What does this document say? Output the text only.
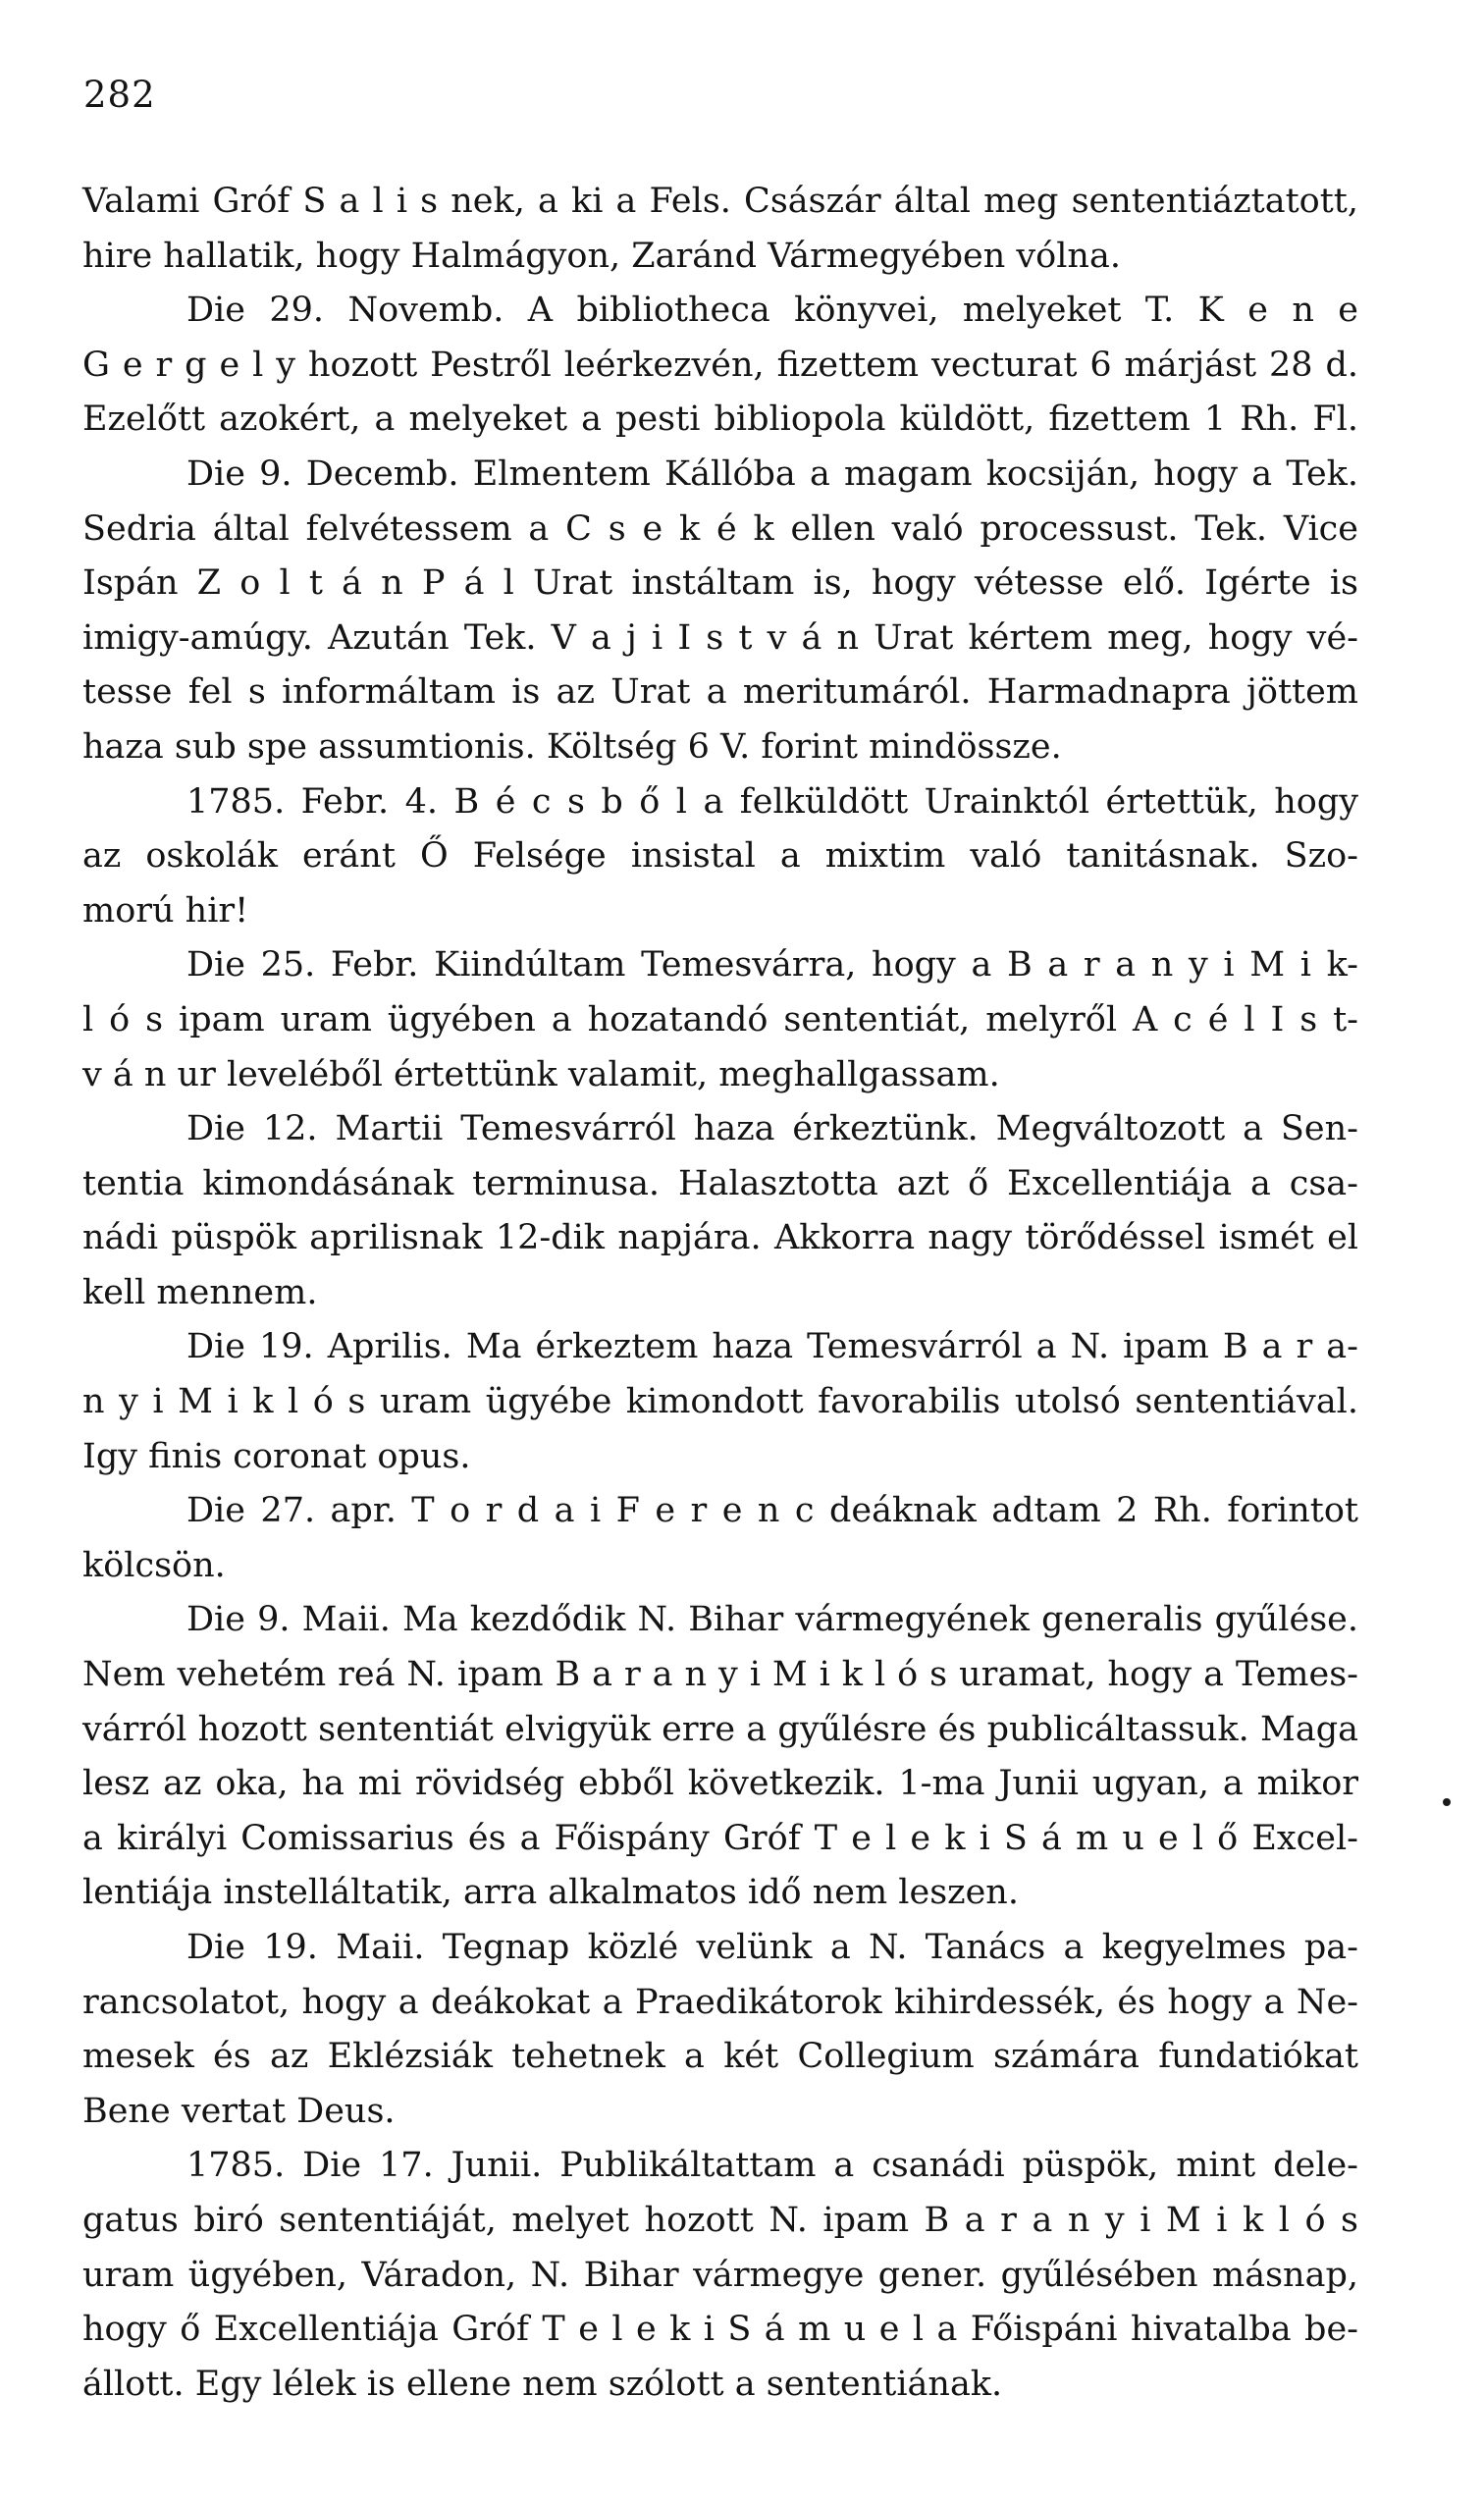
282
Valami Gróf S a l i s nek, a ki a Fels. Császár által meg sententiáztatott,
hire hallatik, hogy Halmágyon, Zaránd Vármegyében vólna.
Die 29. Novemb. A bibliotheca könyvei, melyeket T. K e n e
G e r g e l y hozott Pestről leérkezvén, fizettem vecturat 6 márjást 28 d.
Ezelőtt azokért, a melyeket a pesti bibliopola küldött, fizettem 1 Rh. Fl.
Die 9. Decemb. Elmentem Kállóba a magam kocsiján, hogy a Tek.
Sedria által felvétessem a C s e k é k ellen való processust. Tek. Vice
Ispán Z o l t á n P á l Urat instáltam is, hogy vétesse elő. Igérte is
imigy-amúgy. Azután Tek. V a j i I s t v á n Urat kértem meg, hogy vé-
tesse fel s informáltam is az Urat a meritumáról. Harmadnapra jöttem
haza sub spe assumtionis. Költség 6 V. forint mindössze.
1785. Febr. 4. B é c s b ő l a felküldött Urainktól értettük, hogy
az oskolák eránt Ő Felsége insistal a mixtim való tanitásnak. Szo-
morú hir!
Die 25. Febr. Kiindúltam Temesvárra, hogy a B a r a n y i M i k-
l ó s ipam uram ügyében a hozatandó sententiát, melyről A c é l I s t-
v á n ur leveléből értettünk valamit, meghallgassam.
Die 12. Martii Temesvárról haza érkeztünk. Megváltozott a Sen-
tentia kimondásának terminusa. Halasztotta azt ő Excellentiája a csa-
nádi püspök aprilisnak 12-dik napjára. Akkorra nagy törődéssel ismét el
kell mennem.
Die 19. Aprilis. Ma érkeztem haza Temesvárról a N. ipam B a r a-
n y i M i k l ó s uram ügyébe kimondott favorabilis utolsó sententiával.
Igy finis coronat opus.
Die 27. apr. T o r d a i F e r e n c deáknak adtam 2 Rh. forintot
kölcsön.
Die 9. Maii. Ma kezdődik N. Bihar vármegyének generalis gyűlése.
Nem vehetém reá N. ipam B a r a n y i M i k l ó s uramat, hogy a Temes-
várról hozott sententiát elvigyük erre a gyűlésre és publicáltassuk. Maga
lesz az oka, ha mi rövidség ebből következik. 1-ma Junii ugyan, a mikor
a királyi Comissarius és a Főispány Gróf T e l e k i S á m u e l ő Excel-
lentiája instelláltatik, arra alkalmatos idő nem leszen.
Die 19. Maii. Tegnap közlé velünk a N. Tanács a kegyelmes pa-
rancsolatot, hogy a deákokat a Praedikátorok kihirdessék, és hogy a Ne-
mesek és az Eklézsiák tehetnek a két Collegium számára fundatiókat
Bene vertat Deus.
1785. Die 17. Junii. Publikáltattam a csanádi püspök, mint dele-
gatus biró sententiáját, melyet hozott N. ipam B a r a n y i M i k l ó s
uram ügyében, Váradon, N. Bihar vármegye gener. gyűlésében másnap,
hogy ő Excellentiája Gróf T e l e k i S á m u e l a Főispáni hivatalba be-
állott. Egy lélek is ellene nem szólott a sententiának.
